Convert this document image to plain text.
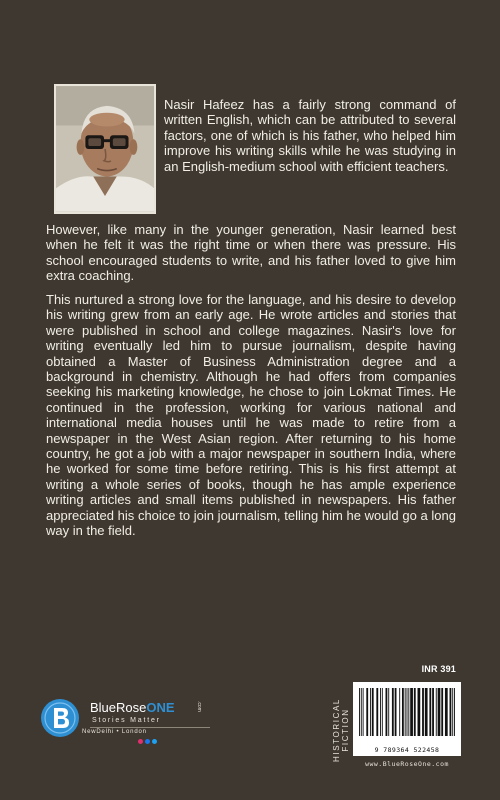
Nasir Hafeez has a fairly strong command of written English, which can be attributed to several factors, one of which is his father, who helped him improve his writing skills while he was studying in an English-medium school with efficient teachers.

However, like many in the younger generation, Nasir learned best when he felt it was the right time or when there was pressure. His school encouraged students to write, and his father loved to give him extra coaching.

This nurtured a strong love for the language, and his desire to develop his writing grew from an early age. He wrote articles and stories that were published in school and college magazines. Nasir's love for writing eventually led him to pursue journalism, despite having obtained a Master of Business Administration degree and a background in chemistry. Although he had offers from companies seeking his marketing knowledge, he chose to join Lokmat Times. He continued in the profession, working for various national and international media houses until he was made to retire from a newspaper in the West Asian region. After returning to his home country, he got a job with a major newspaper in southern India, where he worked for some time before retiring. This is his first attempt at writing a whole series of books, though he has ample experience writing articles and small items published in newspapers. His father appreciated his choice to join journalism, telling him he would go a long way in the field.

INR 391
HISTORICAL FICTION	9 789364 522458
www.BlueRoseOne.com
BlueRoseONE	.com
Stories Matter
NewDelhi • London
